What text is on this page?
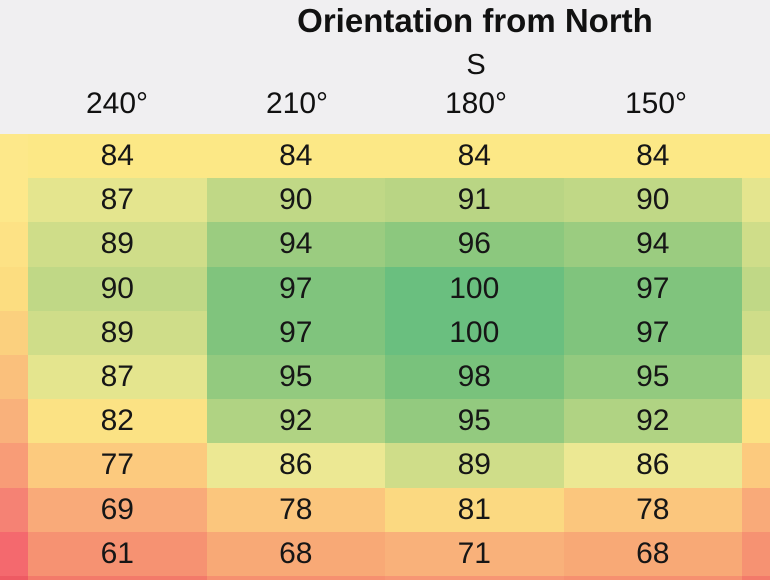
Orientation from North
S
240°	210°	180°	150°
84	84	84	84
87	90	91	90
89	94	96	94
90	97	100	97
89	97	100	97
87	95	98	95
82	92	95	92
77	86	89	86
69	78	81	78
61	68	71	68
